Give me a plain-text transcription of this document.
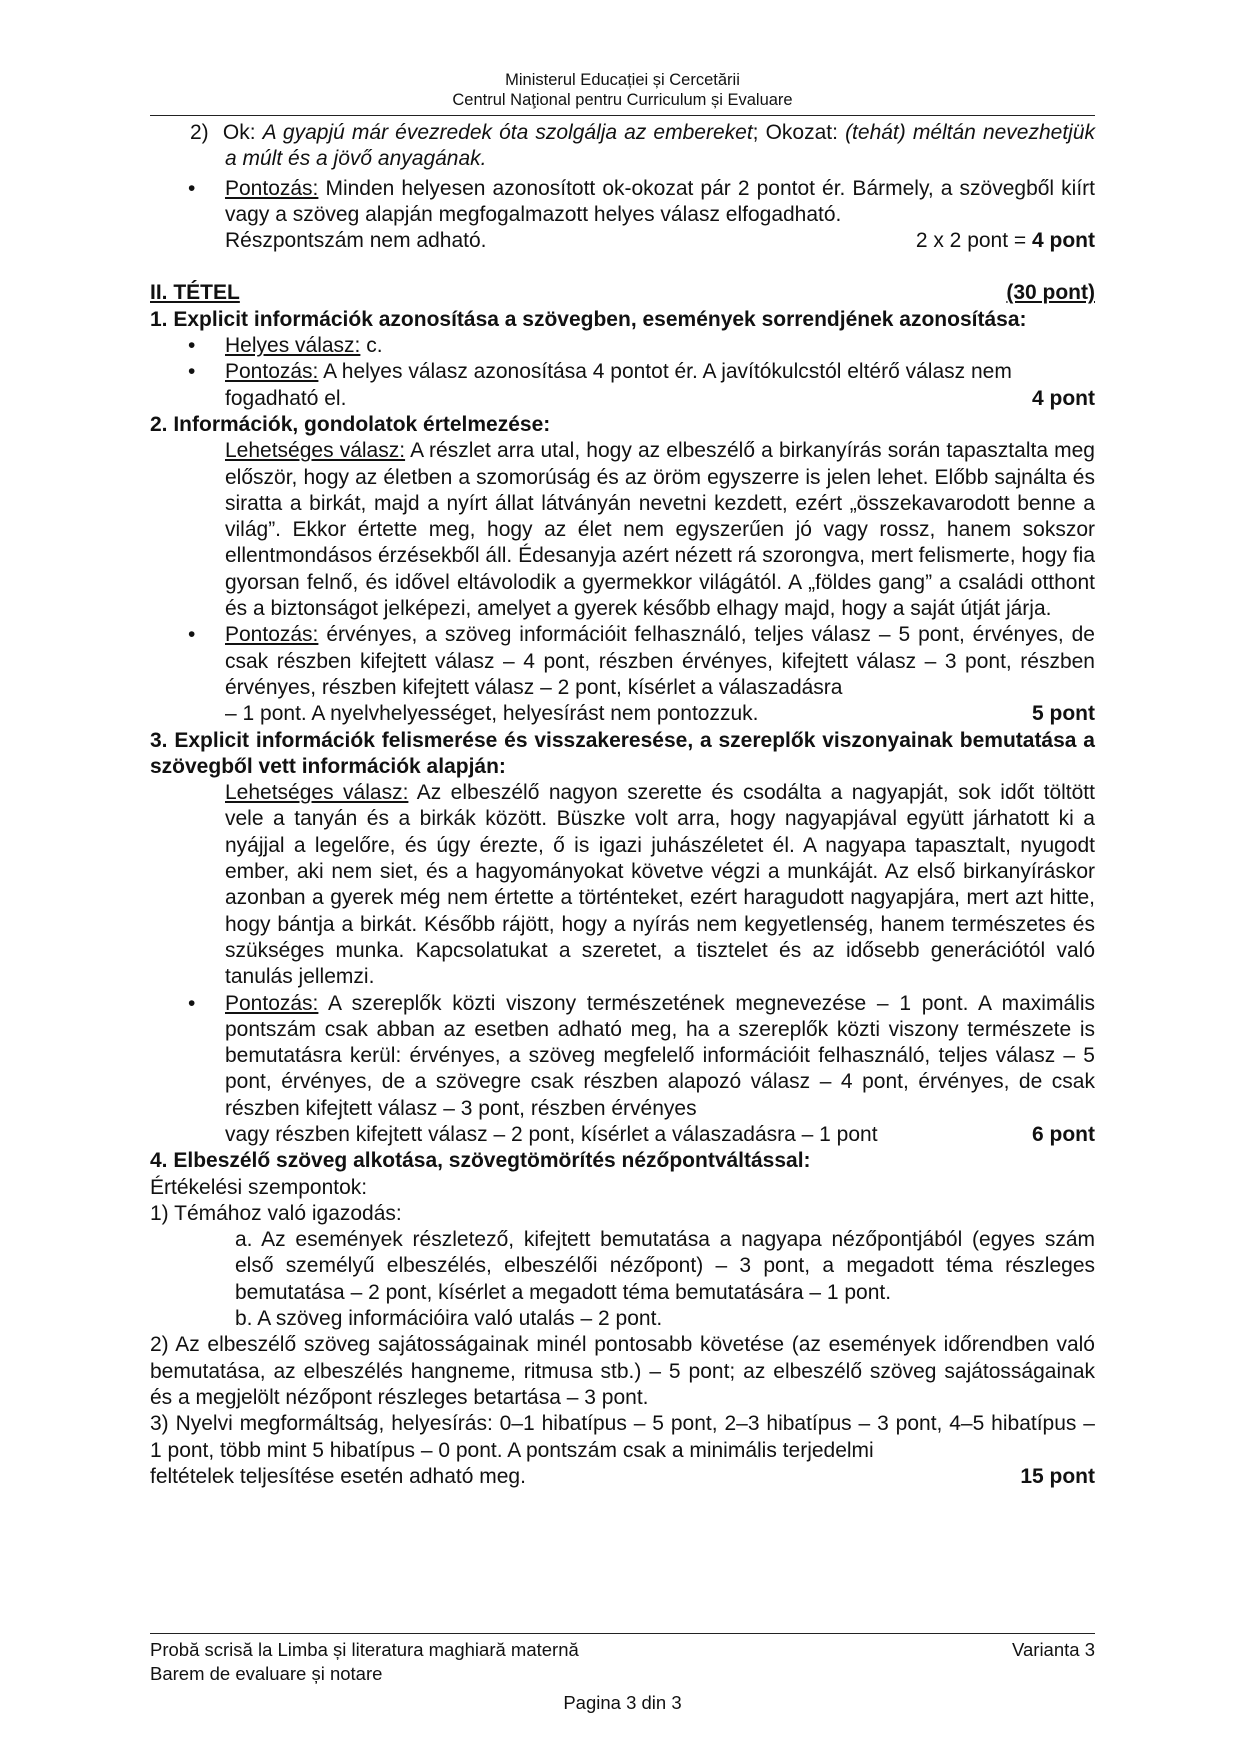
Ministerul Educației și Cercetării
Centrul Naţional pentru Curriculum și Evaluare

2) Ok: A gyapjú már évezredek óta szolgálja az embereket; Okozat: (tehát) méltán nevezhetjük a múlt és a jövő anyagának.

• Pontozás: Minden helyesen azonosított ok-okozat pár 2 pontot ér. Bármely, a szövegből kiírt vagy a szöveg alapján megfogalmazott helyes válasz elfogadható.

Részpontszám nem adható.	2 x 2 pont = 4 pont
II. TÉTEL	(30 pont)

1. Explicit információk azonosítása a szövegben, események sorrendjének azonosítása:

• Helyes válasz: c.

• Pontozás: A helyes válasz azonosítása 4 pontot ér. A javítókulcstól eltérő válasz nem

fogadható el.	4 pont

2. Információk, gondolatok értelmezése:

Lehetséges válasz: A részlet arra utal, hogy az elbeszélő a birkanyírás során tapasztalta meg először, hogy az életben a szomorúság és az öröm egyszerre is jelen lehet. Előbb sajnálta és siratta a birkát, majd a nyírt állat látványán nevetni kezdett, ezért „összekavarodott benne a világ”. Ekkor értette meg, hogy az élet nem egyszerűen jó vagy rossz, hanem sokszor ellentmondásos érzésekből áll. Édesanyja azért nézett rá szorongva, mert felismerte, hogy fia gyorsan felnő, és idővel eltávolodik a gyermekkor világától. A „földes gang” a családi otthont és a biztonságot jelképezi, amelyet a gyerek később elhagy majd, hogy a saját útját járja.

• Pontozás: érvényes, a szöveg információit felhasználó, teljes válasz – 5 pont, érvényes, de csak részben kifejtett válasz – 4 pont, részben érvényes, kifejtett válasz – 3 pont, részben érvényes, részben kifejtett válasz – 2 pont, kísérlet a válaszadásra

– 1 pont. A nyelvhelyességet, helyesírást nem pontozzuk.	5 pont

3. Explicit információk felismerése és visszakeresése, a szereplők viszonyainak bemutatása a szövegből vett információk alapján:

Lehetséges válasz: Az elbeszélő nagyon szerette és csodálta a nagyapját, sok időt töltött vele a tanyán és a birkák között. Büszke volt arra, hogy nagyapjával együtt járhatott ki a nyájjal a legelőre, és úgy érezte, ő is igazi juhászéletet él. A nagyapa tapasztalt, nyugodt ember, aki nem siet, és a hagyományokat követve végzi a munkáját. Az első birkanyíráskor azonban a gyerek még nem értette a történteket, ezért haragudott nagyapjára, mert azt hitte, hogy bántja a birkát. Később rájött, hogy a nyírás nem kegyetlenség, hanem természetes és szükséges munka. Kapcsolatukat a szeretet, a tisztelet és az idősebb generációtól való tanulás jellemzi.

• Pontozás: A szereplők közti viszony természetének megnevezése – 1 pont. A maximális pontszám csak abban az esetben adható meg, ha a szereplők közti viszony természete is bemutatásra kerül: érvényes, a szöveg megfelelő információit felhasználó, teljes válasz – 5 pont, érvényes, de a szövegre csak részben alapozó válasz – 4 pont, érvényes, de csak részben kifejtett válasz – 3 pont, részben érvényes

vagy részben kifejtett válasz – 2 pont, kísérlet a válaszadásra – 1 pont	6 pont

4. Elbeszélő szöveg alkotása, szövegtömörítés nézőpontváltással:

Értékelési szempontok:

1) Témához való igazodás:

a. Az események részletező, kifejtett bemutatása a nagyapa nézőpontjából (egyes szám első személyű elbeszélés, elbeszélői nézőpont) – 3 pont, a megadott téma részleges bemutatása – 2 pont, kísérlet a megadott téma bemutatására – 1 pont.

b. A szöveg információira való utalás – 2 pont.

2) Az elbeszélő szöveg sajátosságainak minél pontosabb követése (az események időrendben való bemutatása, az elbeszélés hangneme, ritmusa stb.) – 5 pont; az elbeszélő szöveg sajátosságainak és a megjelölt nézőpont részleges betartása – 3 pont.

3) Nyelvi megformáltság, helyesírás: 0–1 hibatípus – 5 pont, 2–3 hibatípus – 3 pont, 4–5 hibatípus – 1 pont, több mint 5 hibatípus – 0 pont. A pontszám csak a minimális terjedelmi

feltételek teljesítése esetén adható meg.	15 pont
Probă scrisă la Limba și literatura maghiară maternă	Varianta 3
Barem de evaluare și notare
Pagina 3 din 3
